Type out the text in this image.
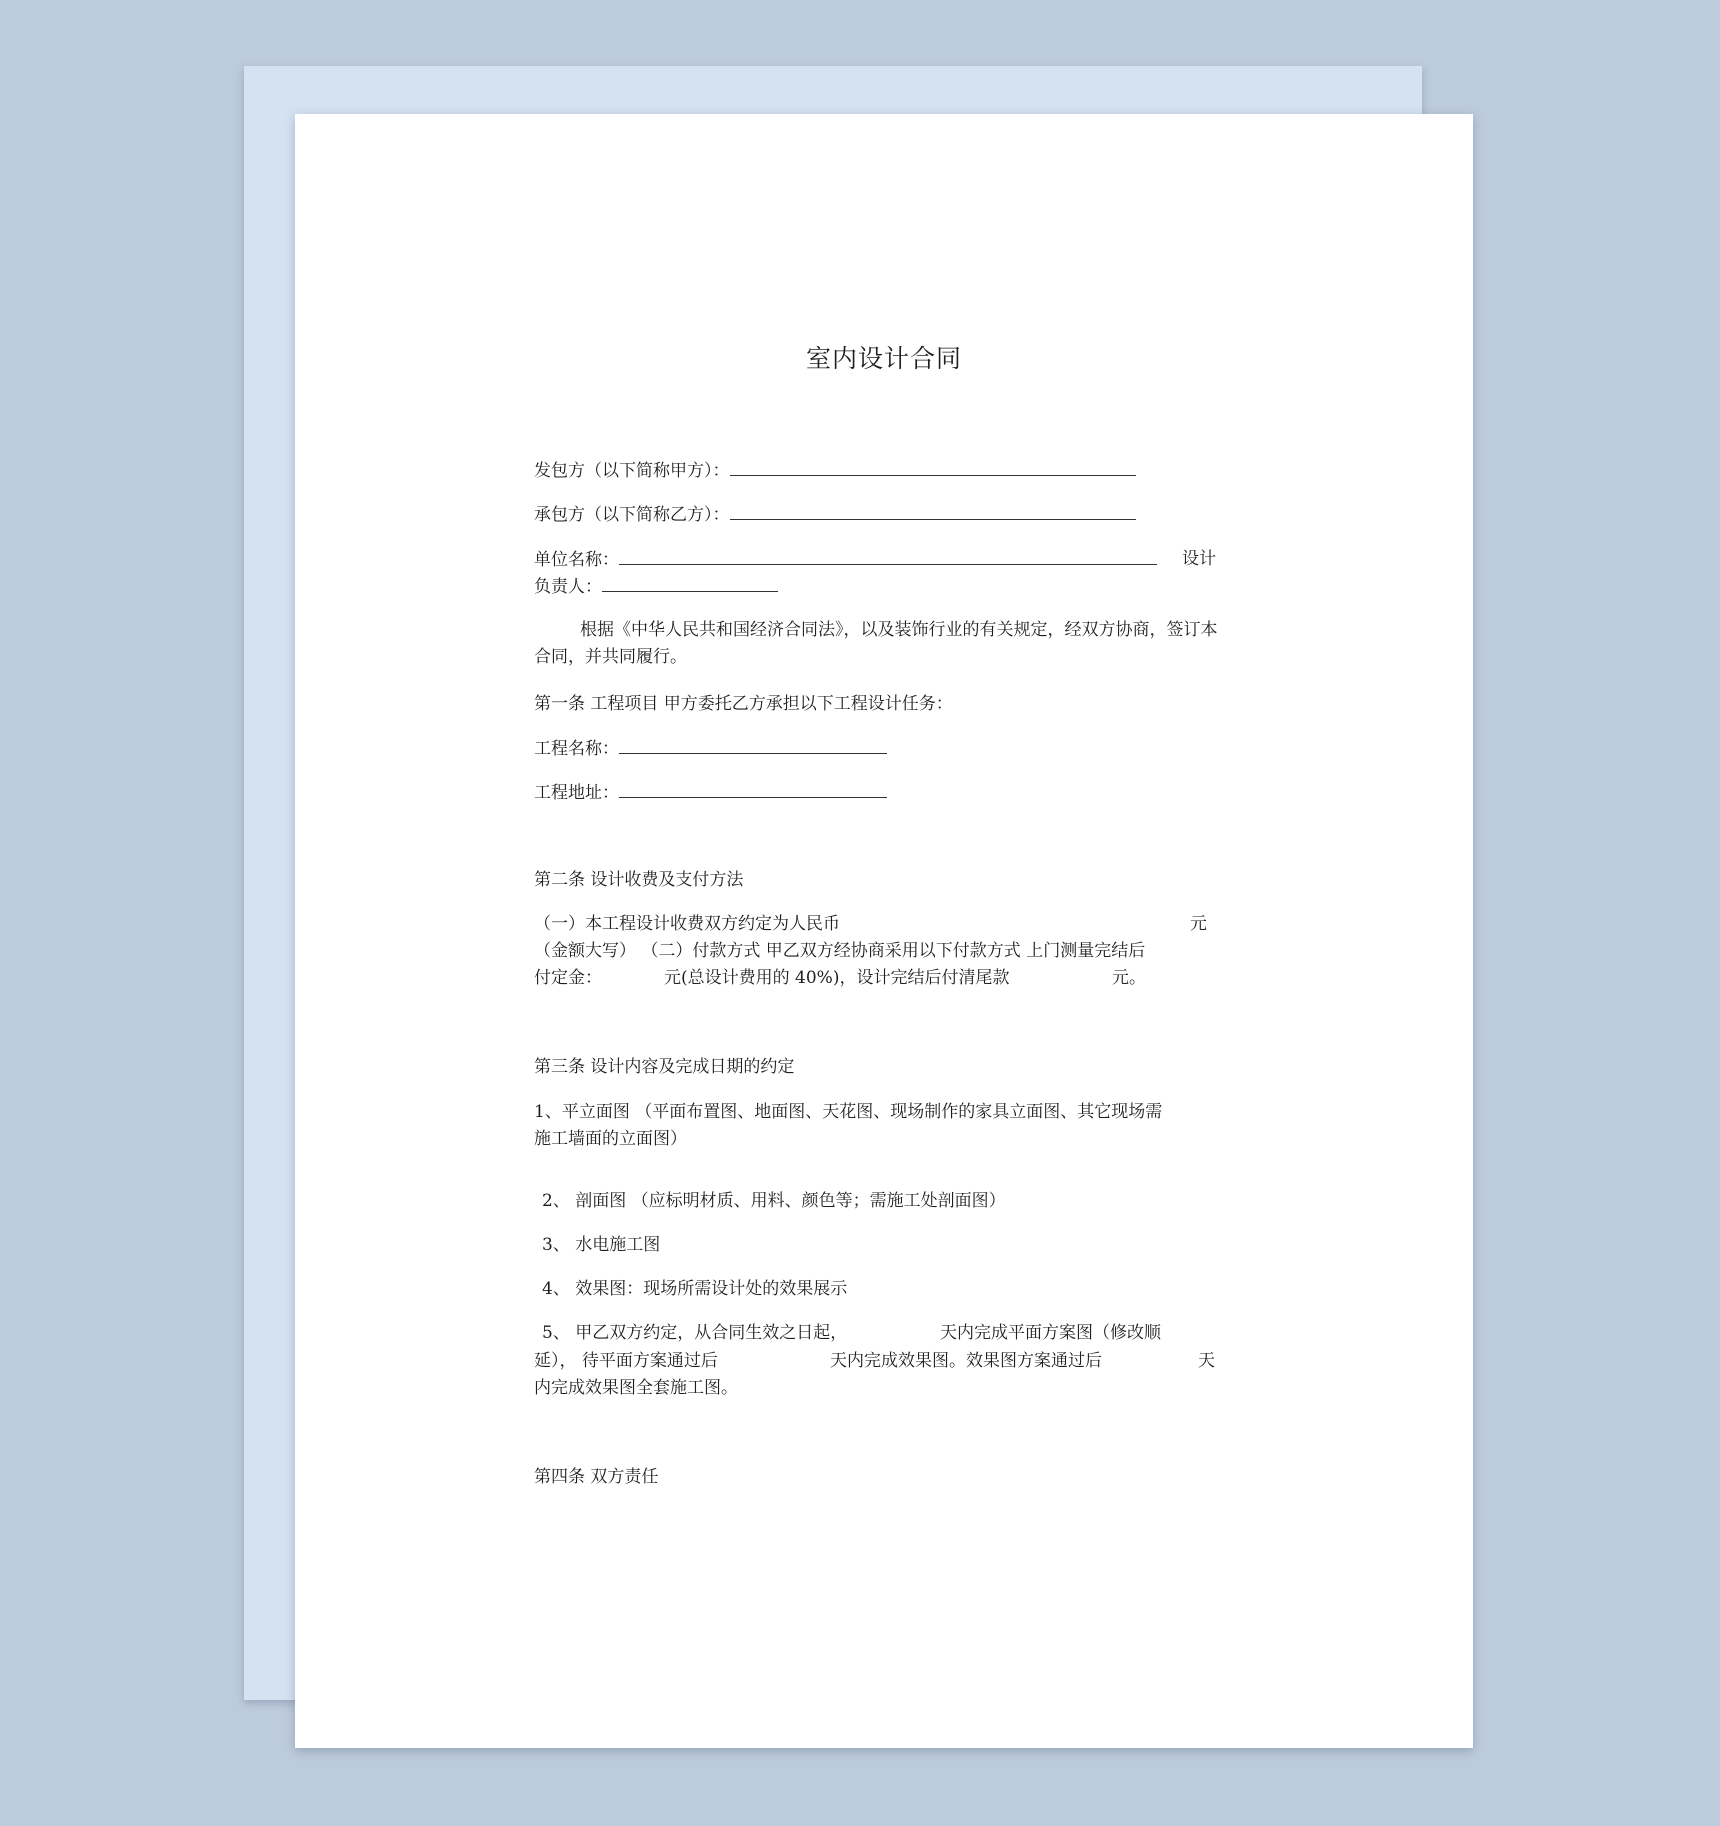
室内设计合同
发包方（以下简称甲方）：
承包方（以下简称乙方）：
单位名称：	设计
负责人：
根据《中华人民共和国经济合同法》，以及装饰行业的有关规定，经双方协商，签订本合同，并共同履行。
第一条 工程项目 甲方委托乙方承担以下工程设计任务：
工程名称：
工程地址：
第二条 设计收费及支付方法
（一）本工程设计收费双方约定为人民币	元
（金额大写） （二）付款方式 甲乙双方经协商采用以下付款方式 上门测量完结后
付定金：	元(总设计费用的 40%)，设计完结后付清尾款	元。
第三条 设计内容及完成日期的约定
1、平立面图 （平面布置图、地面图、天花图、现场制作的家具立面图、其它现场需
施工墙面的立面图）
2、 剖面图 （应标明材质、用料、颜色等；需施工处剖面图）
3、 水电施工图
4、 效果图：现场所需设计处的效果展示
5、 甲乙双方约定，从合同生效之日起，	天内完成平面方案图（修改顺
延）， 待平面方案通过后	天内完成效果图。效果图方案通过后	天
内完成效果图全套施工图。
第四条 双方责任
